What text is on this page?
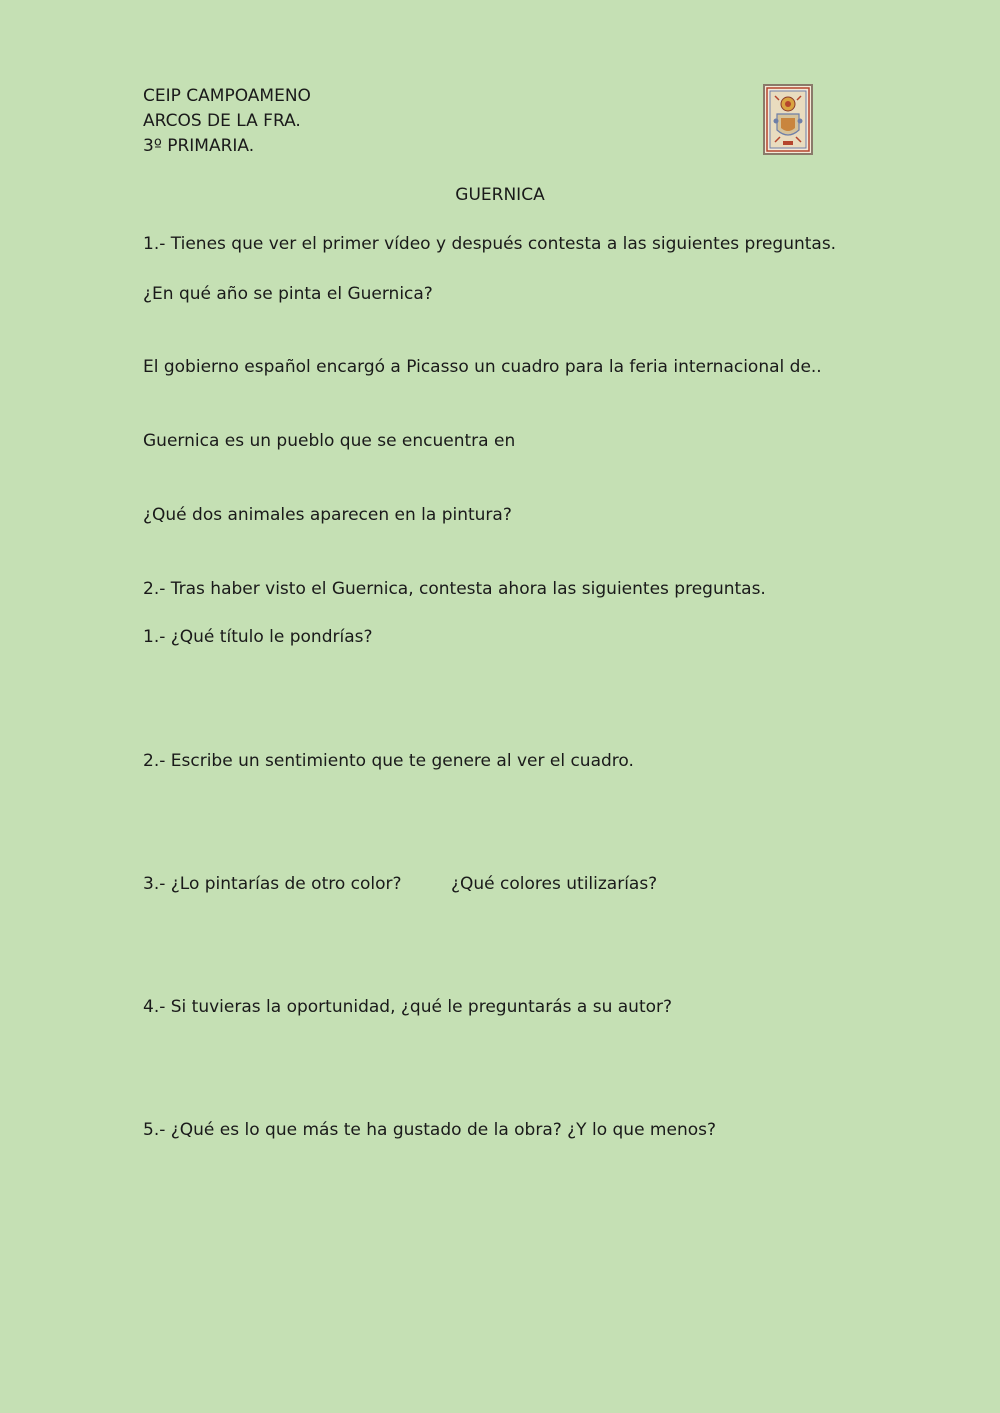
CEIP CAMPOAMENO
ARCOS DE LA FRA.
3º PRIMARIA.
GUERNICA
1.- Tienes que ver el primer vídeo y después contesta a las siguientes preguntas.
¿En qué año se pinta el Guernica?
El gobierno español encargó a Picasso un cuadro para la feria internacional de..
Guernica es un pueblo que se encuentra en
¿Qué dos animales aparecen en la pintura?
2.- Tras haber visto el Guernica, contesta ahora las siguientes preguntas.
1.- ¿Qué título le pondrías?
2.- Escribe un sentimiento que te genere al ver el cuadro.
3.- ¿Lo pintarías de otro color?	¿Qué colores utilizarías?
4.- Si tuvieras la oportunidad, ¿qué le preguntarás a su autor?
5.- ¿Qué es lo que más te ha gustado de la obra? ¿Y lo que menos?
